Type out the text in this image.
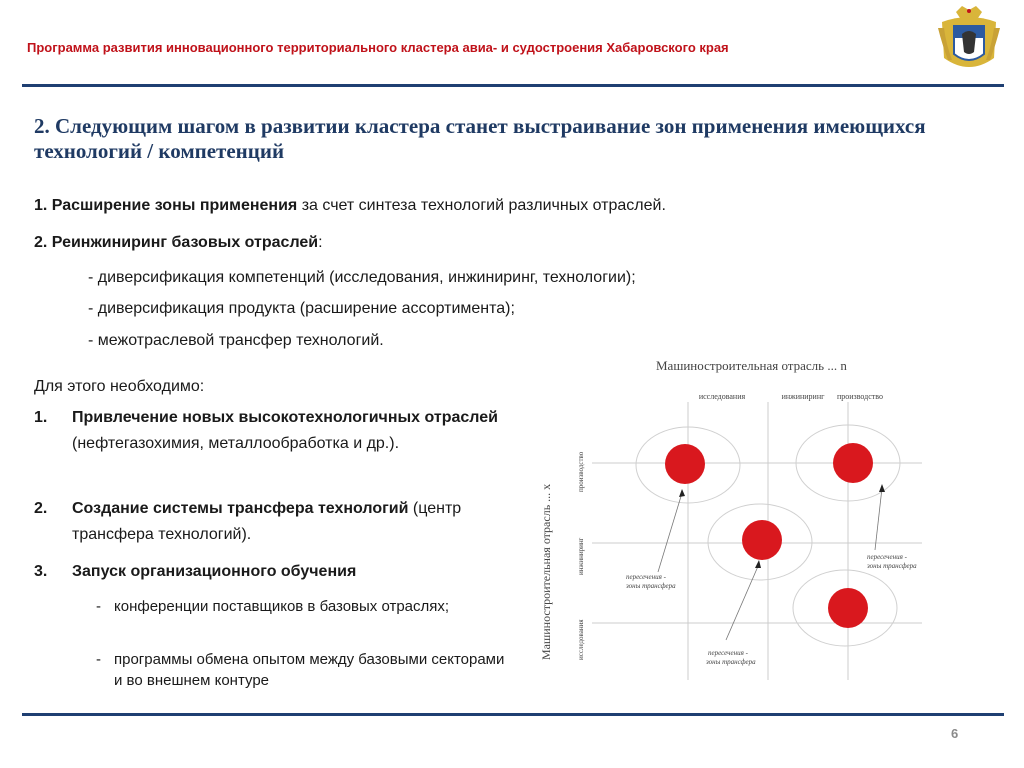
Программа развития инновационного территориального кластера авиа- и судостроения Хабаровского края
2. Следующим шагом в развитии кластера станет выстраивание зон применения имеющихся технологий / компетенций
1. Расширение зоны применения за счет синтеза технологий различных отраслей.
2. Реинжиниринг базовых отраслей:
- диверсификация компетенций (исследования, инжиниринг, технологии);
- диверсификация продукта (расширение ассортимента);
- межотраслевой трансфер технологий.
Для этого необходимо:
1. Привлечение новых высокотехнологичных отраслей (нефтегазохимия, металлообработка и др.).
2. Создание системы трансфера технологий (центр трансфера технологий).
3. Запуск организационного обучения
- конференции поставщиков в базовых отраслях;
- программы обмена опытом между базовыми секторами и во внешнем контуре
Машиностроительная отрасль ... n
исследования	инжиниринг производство
Машиностроительная отрасль ... х
производство
инжиниринг
исследования
пересечения -
зоны трансфера
пересечения -
зоны трансфера
пересечения -
зоны трансфера
6
